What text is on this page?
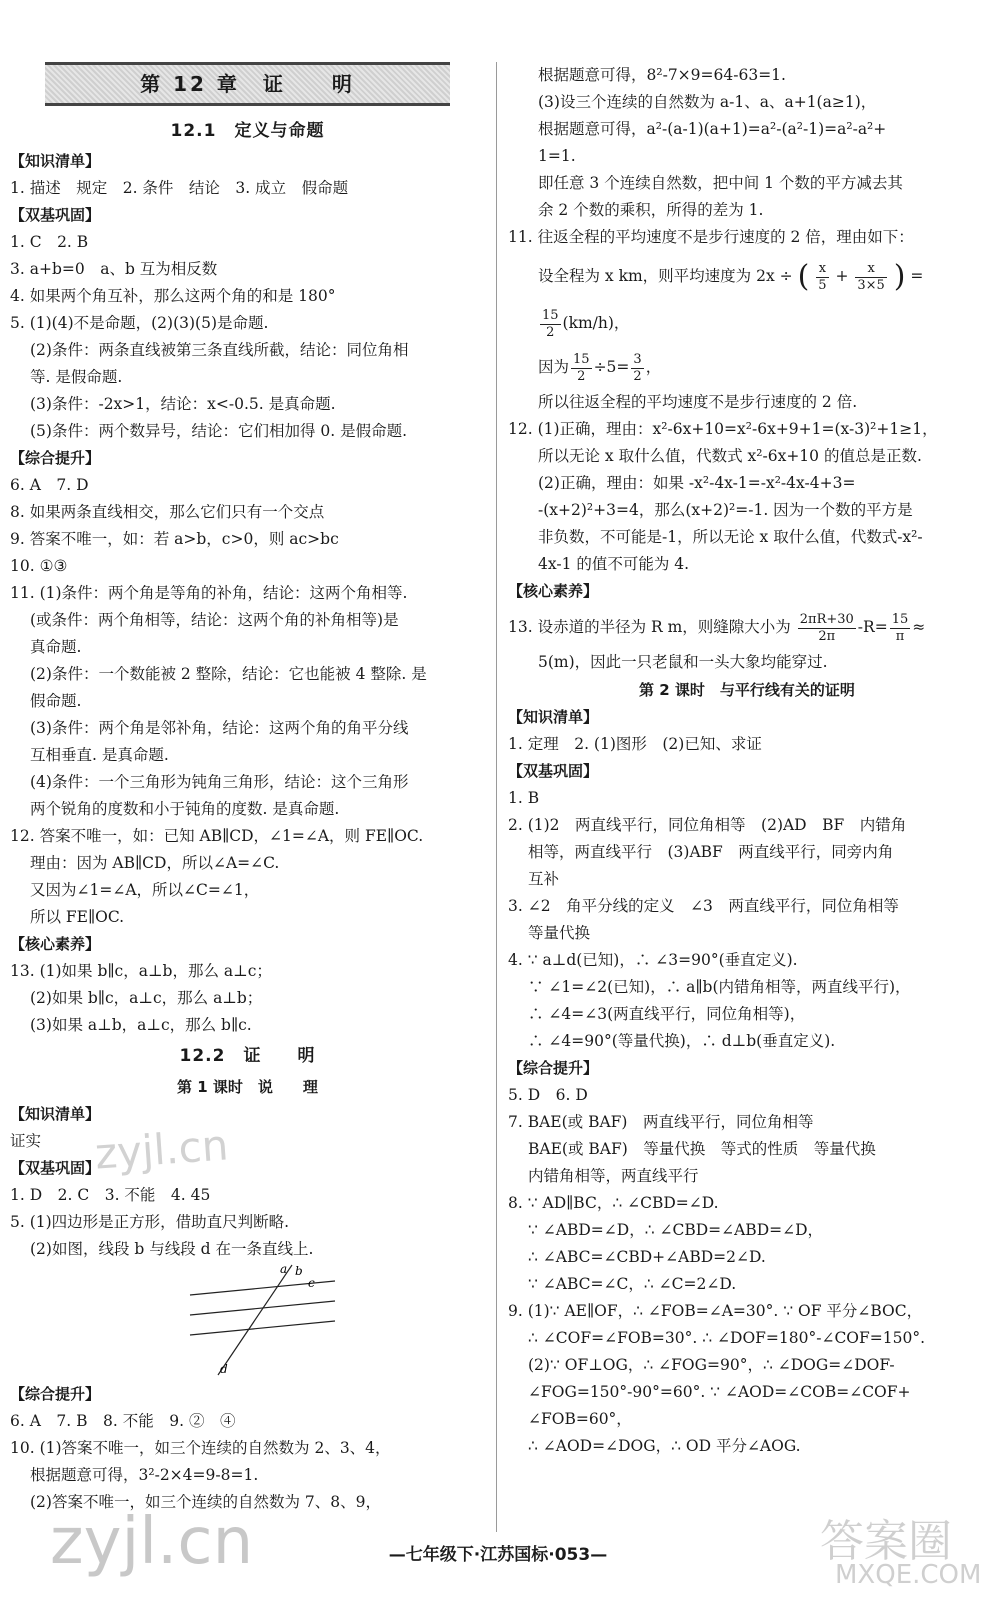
第 12 章　证　　明
12.1　定义与命题
【知识清单】
1. 描述　规定　2. 条件　结论　3. 成立　假命题
【双基巩固】
1. C　2. B
3. a+b=0　a、b 互为相反数
4. 如果两个角互补，那么这两个角的和是 180°
5. (1)(4)不是命题，(2)(3)(5)是命题.
(2)条件：两条直线被第三条直线所截，结论：同位角相
等. 是假命题.
(3)条件：-2x>1，结论：x<-0.5. 是真命题.
(5)条件：两个数异号，结论：它们相加得 0. 是假命题.
【综合提升】
6. A　7. D
8. 如果两条直线相交，那么它们只有一个交点
9. 答案不唯一，如：若 a>b，c>0，则 ac>bc
10. ①③
11. (1)条件：两个角是等角的补角，结论：这两个角相等.
(或条件：两个角相等，结论：这两个角的补角相等)是
真命题.
(2)条件：一个数能被 2 整除，结论：它也能被 4 整除. 是
假命题.
(3)条件：两个角是邻补角，结论：这两个角的角平分线
互相垂直. 是真命题.
(4)条件：一个三角形为钝角三角形，结论：这个三角形
两个锐角的度数和小于钝角的度数. 是真命题.
12. 答案不唯一，如：已知 AB∥CD，∠1=∠A，则 FE∥OC.
理由：因为 AB∥CD，所以∠A=∠C.
又因为∠1=∠A，所以∠C=∠1，
所以 FE∥OC.
【核心素养】
13. (1)如果 b∥c，a⊥b，那么 a⊥c；
(2)如果 b∥c，a⊥c，那么 a⊥b；
(3)如果 a⊥b，a⊥c，那么 b∥c.
12.2　证　　明
第 1 课时　说　　理
【知识清单】
证实
【双基巩固】
1. D　2. C　3. 不能　4. 45
5. (1)四边形是正方形，借助直尺判断略.
(2)如图，线段 b 与线段 d 在一条直线上.
a b
c
d
【综合提升】
6. A　7. B　8. 不能　9. ②　④
10. (1)答案不唯一，如三个连续的自然数为 2、3、4，
根据题意可得，3²-2×4=9-8=1.
(2)答案不唯一，如三个连续的自然数为 7、8、9，
根据题意可得，8²-7×9=64-63=1.
(3)设三个连续的自然数为 a-1、a、a+1(a≥1)，
根据题意可得，a²-(a-1)(a+1)=a²-(a²-1)=a²-a²+
1=1.
即任意 3 个连续自然数，把中间 1 个数的平方减去其
余 2 个数的乘积，所得的差为 1.
11. 往返全程的平均速度不是步行速度的 2 倍，理由如下：
设全程为 x km，则平均速度为 2x ÷ ( $\frac{x}{5} + \frac{x}{3\times 5}$ ) =
$\frac{15}{2} (km/h)$，
因为 $\frac{15}{2} \div 5= \frac{3}{2}$ ，
所以往返全程的平均速度不是步行速度的 2 倍.
12. (1)正确，理由：x²-6x+10=x²-6x+9+1=(x-3)²+1≥1，
所以无论 x 取什么值，代数式 x²-6x+10 的值总是正数.
(2)正确，理由：如果 -x²-4x-1=-x²-4x-4+3=
-(x+2)²+3=4，那么(x+2)²=-1. 因为一个数的平方是
非负数，不可能是-1，所以无论 x 取什么值，代数式-x²-
4x-1 的值不可能为 4.
【核心素养】
13. 设赤道的半径为 R m，则缝隙大小为 $\frac{2\pi R+30}{2\pi} -R= \frac{15}{\pi}$ ≈
5(m)，因此一只老鼠和一头大象均能穿过.
第 2 课时　与平行线有关的证明
【知识清单】
1. 定理　2. (1)图形　(2)已知、求证
【双基巩固】
1. B
2. (1)2　两直线平行，同位角相等　(2)AD　BF　内错角
相等，两直线平行　(3)ABF　两直线平行，同旁内角
互补
3. ∠2　角平分线的定义　∠3　两直线平行，同位角相等
等量代换
4. ∵ a⊥d(已知)，∴ ∠3=90°(垂直定义).
∵ ∠1=∠2(已知)，∴ a∥b(内错角相等，两直线平行)，
∴ ∠4=∠3(两直线平行，同位角相等)，
∴ ∠4=90°(等量代换)，∴ d⊥b(垂直定义).
【综合提升】
5. D　6. D
7. BAE(或 BAF)　两直线平行，同位角相等
BAE(或 BAF)　等量代换　等式的性质　等量代换
内错角相等，两直线平行
8. ∵ AD∥BC，∴ ∠CBD=∠D.
∵ ∠ABD=∠D，∴ ∠CBD=∠ABD=∠D，
∴ ∠ABC=∠CBD+∠ABD=2∠D.
∵ ∠ABC=∠C，∴ ∠C=2∠D.
9. (1)∵ AE∥OF，∴ ∠FOB=∠A=30°. ∵ OF 平分∠BOC，
∴ ∠COF=∠FOB=30°. ∴ ∠DOF=180°-∠COF=150°.
(2)∵ OF⊥OG，∴ ∠FOG=90°，∴ ∠DOG=∠DOF-
∠FOG=150°-90°=60°. ∵ ∠AOD=∠COB=∠COF+
∠FOB=60°，
∴ ∠AOD=∠DOG，∴ OD 平分∠AOG.
—七年级下·江苏国标·053—
zyjl.cn
zyjl.cn
答案圈
MXQE.COM
